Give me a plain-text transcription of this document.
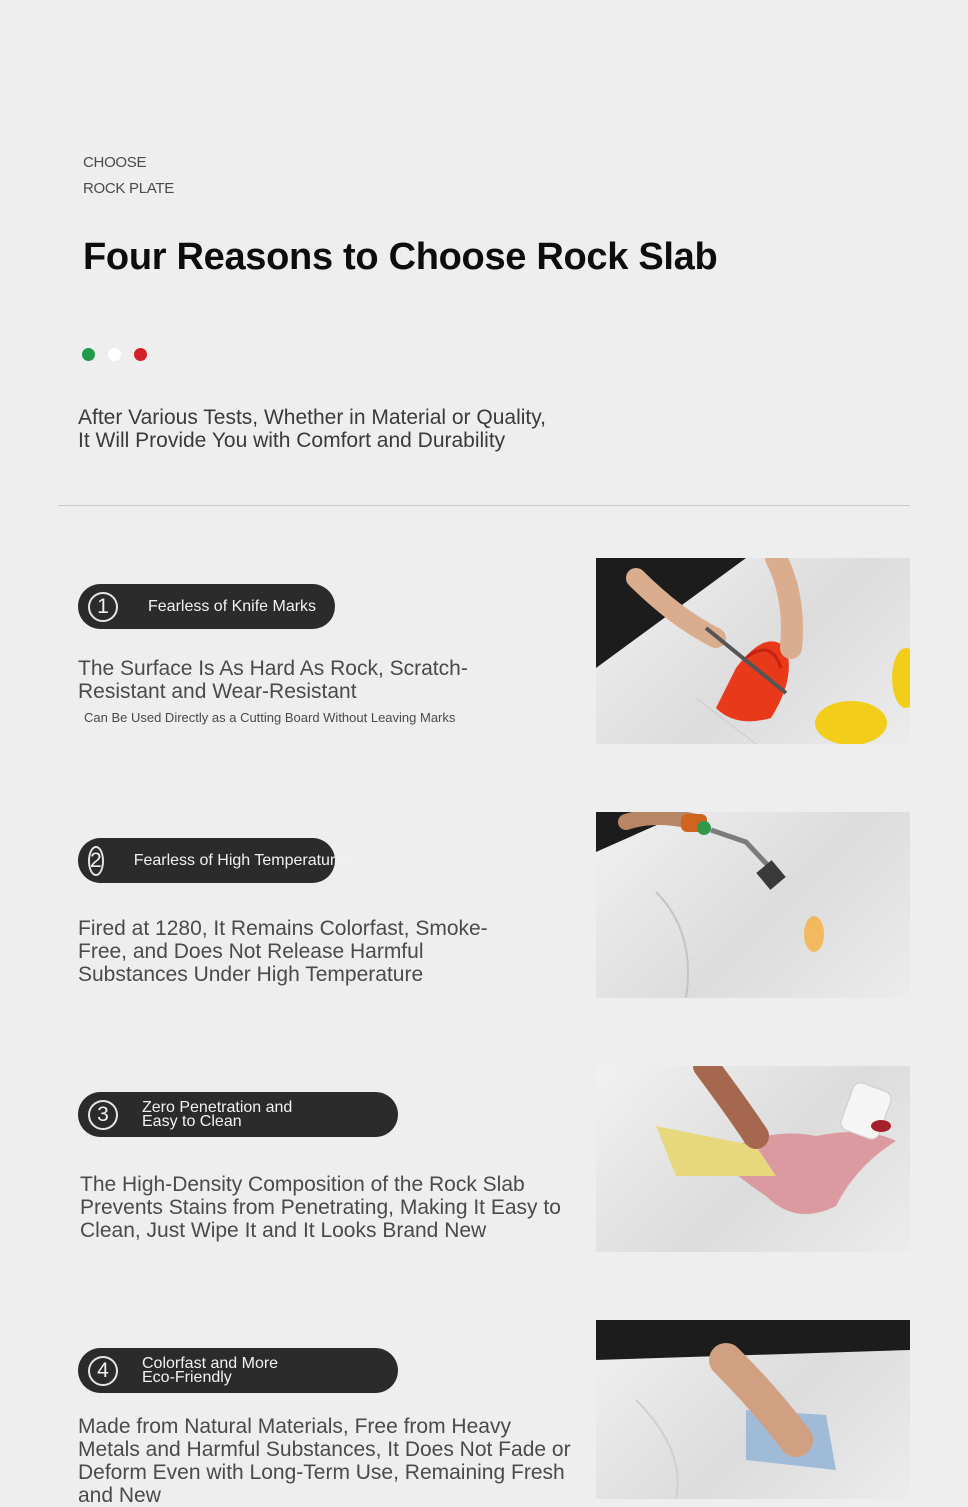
CHOOSE
ROCK PLATE
Four Reasons to Choose Rock Slab
After Various Tests, Whether in Material or Quality, It Will Provide You with Comfort and Durability
1	Fearless of Knife Marks
The Surface Is As Hard As Rock, Scratch-Resistant and Wear-Resistant
Can Be Used Directly as a Cutting Board Without Leaving Marks
2 Fearless of High Temperatures
Fired at 1280, It Remains Colorfast, Smoke-Free, and Does Not Release Harmful Substances Under High Temperature
3	Zero Penetration and
Easy to Clean
The High-Density Composition of the Rock Slab Prevents Stains from Penetrating, Making It Easy to Clean, Just Wipe It and It Looks Brand New
4	Colorfast and More
Eco-Friendly
Made from Natural Materials, Free from Heavy Metals and Harmful Substances, It Does Not Fade or Deform Even with Long-Term Use, Remaining Fresh and New
